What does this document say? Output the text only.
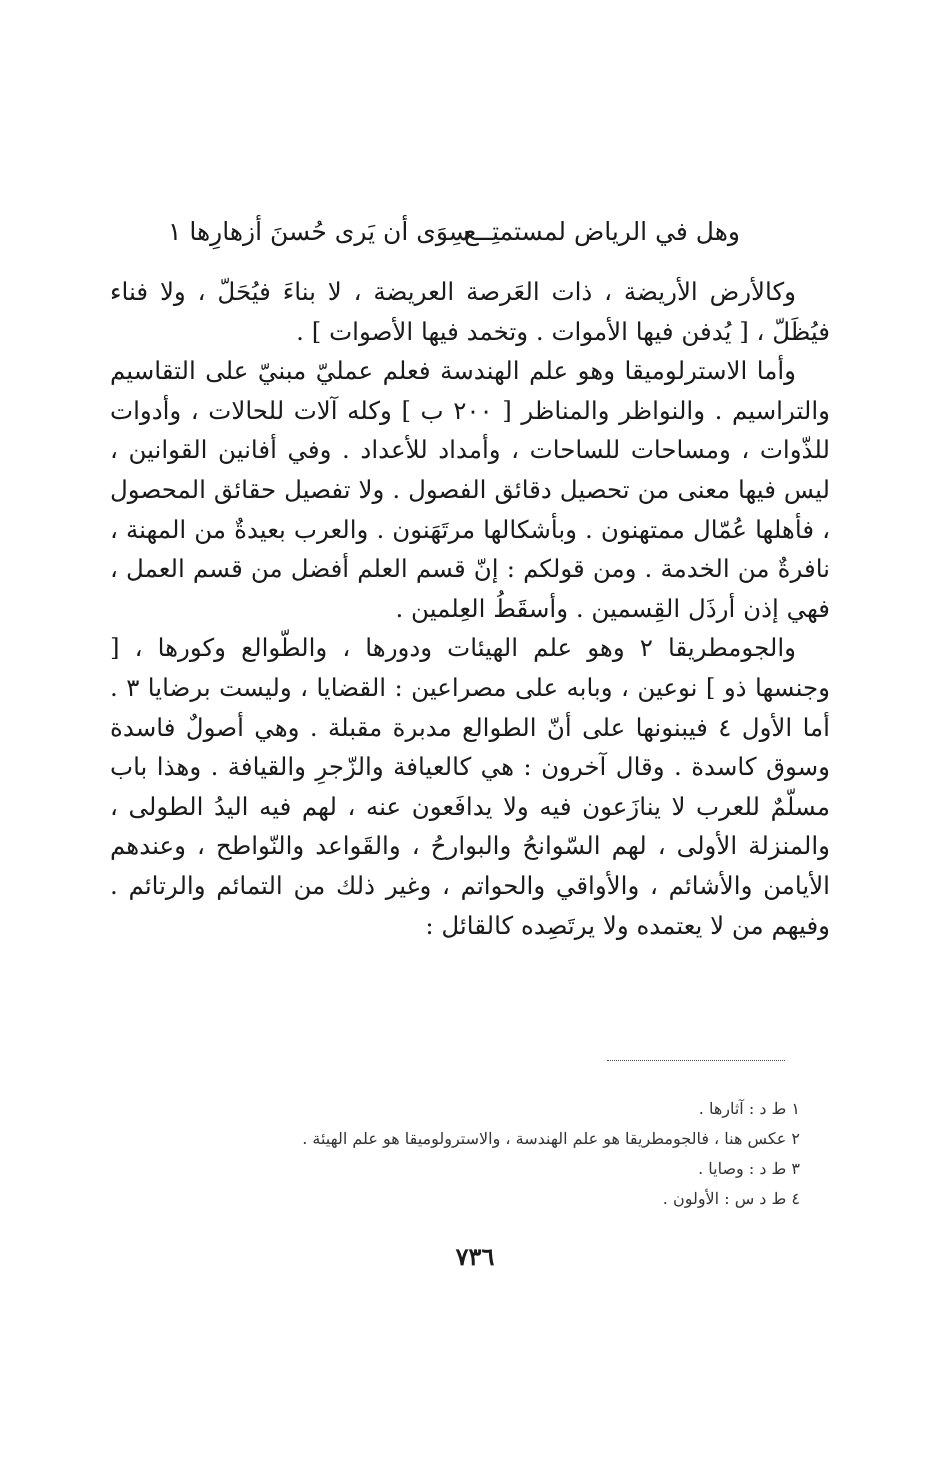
وهل في الرياض لمستمتِــع
سِوَى أن يَرى حُسنَ أزهارِها ١

وكالأرض الأريضة ، ذات العَرصة العريضة ، لا بناءَ فيُحَلّ ، ولا فناء فيُظَلّ ، [ يُدفن فيها الأموات . وتخمد فيها الأصوات ] .

وأما الاسترلوميقا وهو علم الهندسة فعلم عمليّ مبنيّ على التقاسيم والتراسيم . والنواظر والمناظر [ ٢٠٠ ب ] وكله آلات للحالات ، وأدوات للذّوات ، ومساحات للساحات ، وأمداد للأعداد . وفي أفانين القوانين ، ليس فيها معنى من تحصيل دقائق الفصول . ولا تفصيل حقائق المحصول ، فأهلها عُمّال ممتهنون . وبأشكالها مرتَهَنون . والعرب بعيدةٌ من المهنة ، نافرةٌ من الخدمة . ومن قولكم : إنّ قسم العلم أفضل من قسم العمل ، فهي إذن أرذَل القِسمين . وأسقَطُ العِلمين .

والجومطريقا ٢ وهو علم الهيئات ودورها ، والطّوالع وكورها ، [ وجنسها ذو ] نوعين ، وبابه على مصراعين : القضايا ، وليست برضايا ٣ . أما الأول ٤ فيبنونها على أنّ الطوالع مدبرة مقبلة . وهي أصولٌ فاسدة وسوق كاسدة . وقال آخرون : هي كالعيافة والزّجرِ والقيافة . وهذا باب مسلّمٌ للعرب لا ينازَعون فيه ولا يدافَعون عنه ، لهم فيه اليدُ الطولى ، والمنزلة الأولى ، لهم السّوانحُ والبوارحُ ، والقَواعد والنّواطح ، وعندهم الأيامن والأشائم ، والأواقي والحواتم ، وغير ذلك من التمائم والرتائم . وفيهم من لا يعتمده ولا يرتَصِده كالقائل :

١ ط د : آثارها .
٢ عكس هنا ، فالجومطريقا هو علم الهندسة ، والاسترولوميقا هو علم الهيئة .
٣ ط د : وصايا .
٤ ط د س : الأولون .
٧٣٦
